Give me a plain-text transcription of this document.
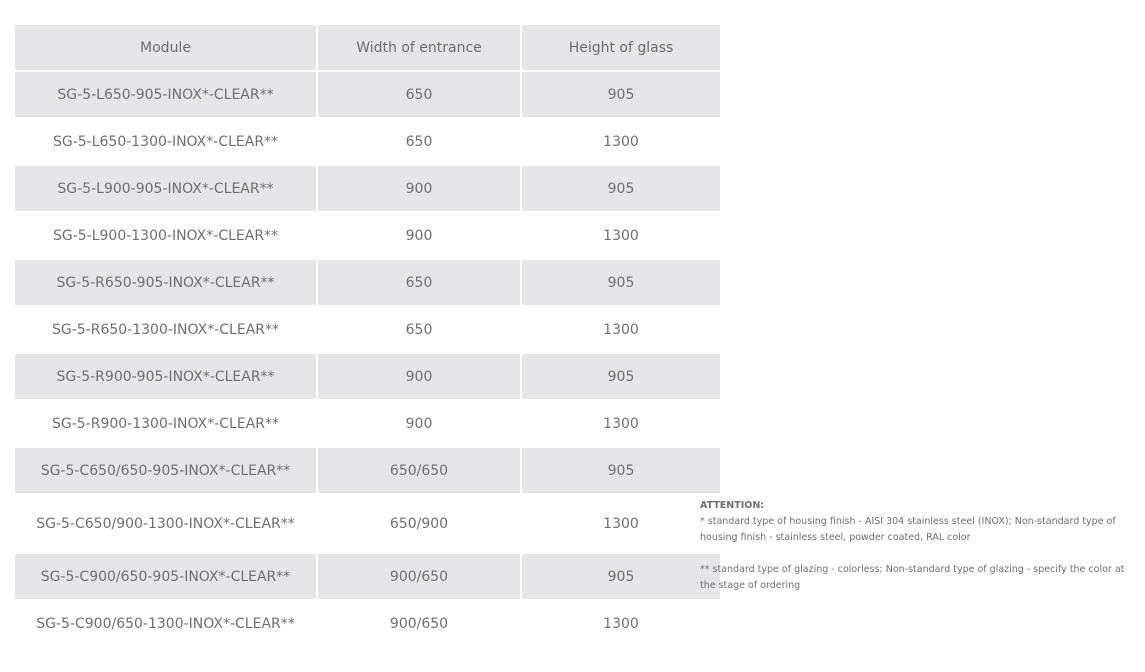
Module	Width of entrance	Height of glass
SG-5-L650-905-INOX*-CLEAR**	650	905
SG-5-L650-1300-INOX*-CLEAR**	650	1300
SG-5-L900-905-INOX*-CLEAR**	900	905
SG-5-L900-1300-INOX*-CLEAR**	900	1300
SG-5-R650-905-INOX*-CLEAR**	650	905
SG-5-R650-1300-INOX*-CLEAR**	650	1300
SG-5-R900-905-INOX*-CLEAR**	900	905
SG-5-R900-1300-INOX*-CLEAR**	900	1300
SG-5-C650/650-905-INOX*-CLEAR**	650/650	905
SG-5-C650/900-1300-INOX*-CLEAR**	650/900	1300
SG-5-C900/650-905-INOX*-CLEAR**	900/650	905
SG-5-C900/650-1300-INOX*-CLEAR**	900/650	1300
ATTENTION:

* standard type of housing finish - AISI 304 stainless steel (INOX); Non-standard type of housing finish - stainless steel, powder coated, RAL color

** standard type of glazing - colorless; Non-standard type of glazing - specify the color at the stage of ordering
